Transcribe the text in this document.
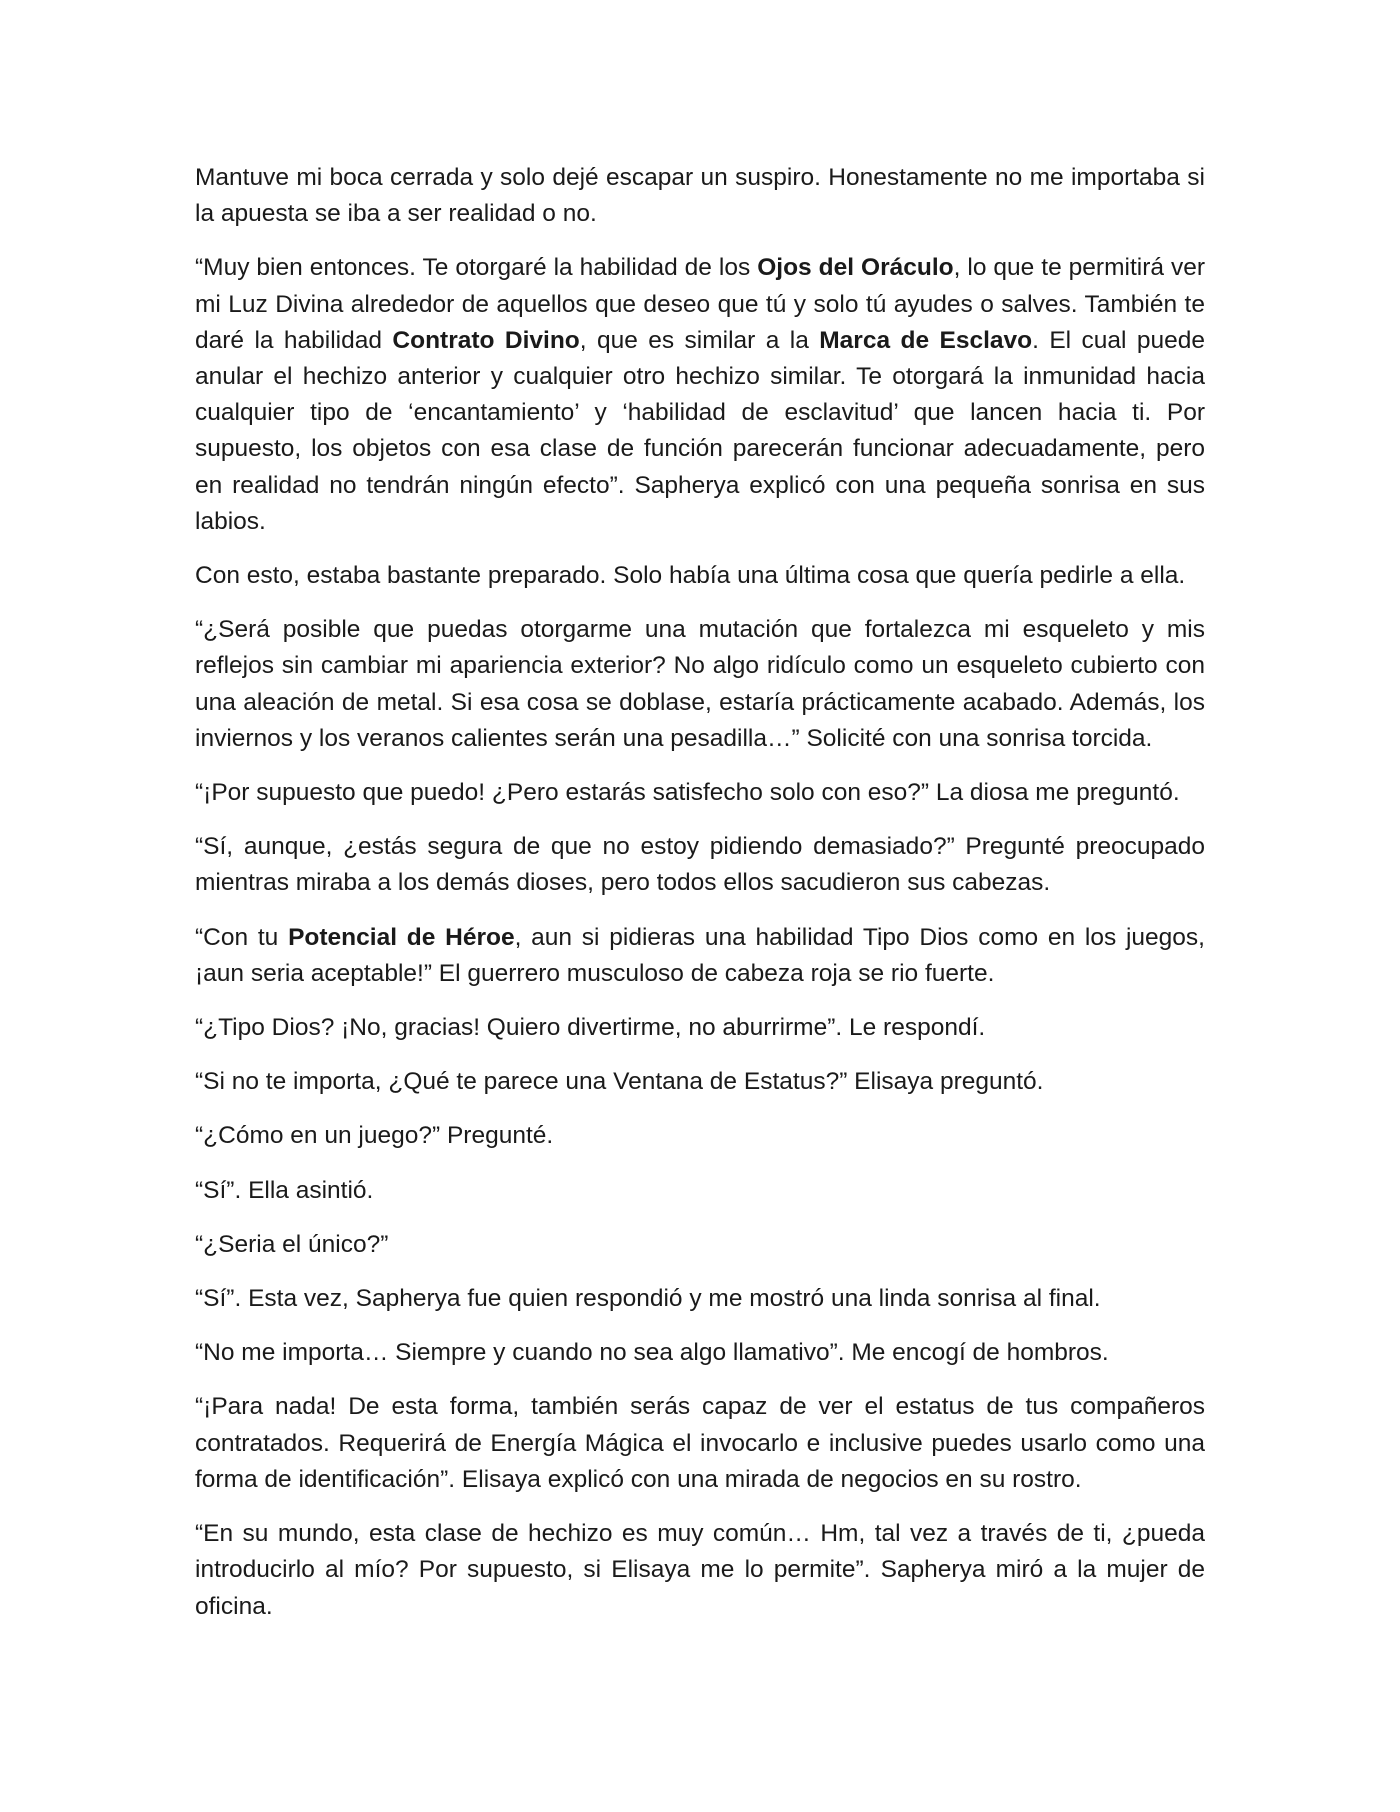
Mantuve mi boca cerrada y solo dejé escapar un suspiro. Honestamente no me importaba si la apuesta se iba a ser realidad o no.

“Muy bien entonces. Te otorgaré la habilidad de los Ojos del Oráculo, lo que te permitirá ver mi Luz Divina alrededor de aquellos que deseo que tú y solo tú ayudes o salves. También te daré la habilidad Contrato Divino, que es similar a la Marca de Esclavo. El cual puede anular el hechizo anterior y cualquier otro hechizo similar. Te otorgará la inmunidad hacia cualquier tipo de ‘encantamiento’ y ‘habilidad de esclavitud’ que lancen hacia ti. Por supuesto, los objetos con esa clase de función parecerán funcionar adecuadamente, pero en realidad no tendrán ningún efecto”. Sapherya explicó con una pequeña sonrisa en sus labios.

Con esto, estaba bastante preparado. Solo había una última cosa que quería pedirle a ella.

“¿Será posible que puedas otorgarme una mutación que fortalezca mi esqueleto y mis reflejos sin cambiar mi apariencia exterior? No algo ridículo como un esqueleto cubierto con una aleación de metal. Si esa cosa se doblase, estaría prácticamente acabado. Además, los inviernos y los veranos calientes serán una pesadilla…” Solicité con una sonrisa torcida.

“¡Por supuesto que puedo! ¿Pero estarás satisfecho solo con eso?” La diosa me preguntó.

“Sí, aunque, ¿estás segura de que no estoy pidiendo demasiado?” Pregunté preocupado mientras miraba a los demás dioses, pero todos ellos sacudieron sus cabezas.

“Con tu Potencial de Héroe, aun si pidieras una habilidad Tipo Dios como en los juegos, ¡aun seria aceptable!” El guerrero musculoso de cabeza roja se rio fuerte.

“¿Tipo Dios? ¡No, gracias! Quiero divertirme, no aburrirme”. Le respondí.

“Si no te importa, ¿Qué te parece una Ventana de Estatus?” Elisaya preguntó.

“¿Cómo en un juego?” Pregunté.

“Sí”. Ella asintió.

“¿Seria el único?”

“Sí”. Esta vez, Sapherya fue quien respondió y me mostró una linda sonrisa al final.

“No me importa… Siempre y cuando no sea algo llamativo”. Me encogí de hombros.

“¡Para nada! De esta forma, también serás capaz de ver el estatus de tus compañeros contratados. Requerirá de Energía Mágica el invocarlo e inclusive puedes usarlo como una forma de identificación”. Elisaya explicó con una mirada de negocios en su rostro.

“En su mundo, esta clase de hechizo es muy común… Hm, tal vez a través de ti, ¿pueda introducirlo al mío? Por supuesto, si Elisaya me lo permite”. Sapherya miró a la mujer de oficina.
